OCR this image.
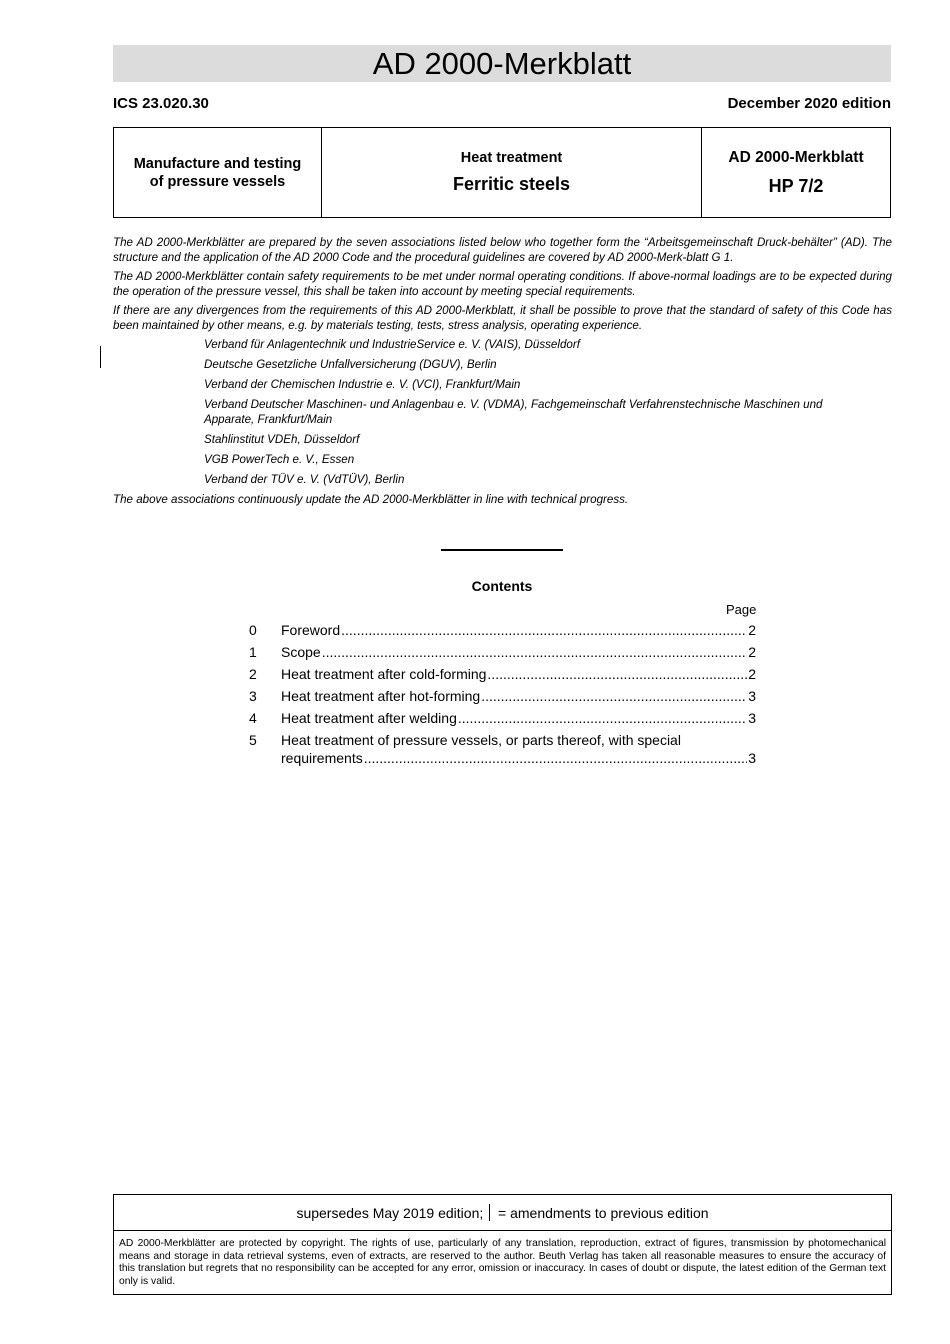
AD 2000-Merkblatt
ICS 23.020.30	December 2020 edition
Manufacture and testing
of pressure vessels
Heat treatment
Ferritic steels
AD 2000-Merkblatt
HP 7/2

The AD 2000-Merkblätter are prepared by the seven associations listed below who together form the “Arbeitsgemeinschaft Druck-behälter” (AD). The structure and the application of the AD 2000 Code and the procedural guidelines are covered by AD 2000-Merk-blatt G 1.

The AD 2000-Merkblätter contain safety requirements to be met under normal operating conditions. If above-normal loadings are to be expected during the operation of the pressure vessel, this shall be taken into account by meeting special requirements.

If there are any divergences from the requirements of this AD 2000-Merkblatt, it shall be possible to prove that the standard of safety of this Code has been maintained by other means, e.g. by materials testing, tests, stress analysis, operating experience.

Verband für Anlagentechnik und IndustrieService e. V. (VAIS), Düsseldorf
Deutsche Gesetzliche Unfallversicherung (DGUV), Berlin
Verband der Chemischen Industrie e. V. (VCI), Frankfurt/Main
Verband Deutscher Maschinen- und Anlagenbau e. V. (VDMA), Fachgemeinschaft Verfahrenstechnische Maschinen und Apparate, Frankfurt/Main
Stahlinstitut VDEh, Düsseldorf
VGB PowerTech e. V., Essen
Verband der TÜV e. V. (VdTÜV), Berlin

The above associations continuously update the AD 2000-Merkblätter in line with technical progress.

Contents
Page
0	Foreword .....	2
1	Scope .....	2
2	Heat treatment after cold-forming .....	2
3	Heat treatment after hot-forming .....	3
4	Heat treatment after welding .....	3
5	Heat treatment of pressure vessels, or parts thereof, with special
requirements .....	3
supersedes May 2019 edition; = amendments to previous edition
AD 2000-Merkblätter are protected by copyright. The rights of use, particularly of any translation, reproduction, extract of figures, transmission by photomechanical means and storage in data retrieval systems, even of extracts, are reserved to the author. Beuth Verlag has taken all reasonable measures to ensure the accuracy of this translation but regrets that no responsibility can be accepted for any error, omission or inaccuracy. In cases of doubt or dispute, the latest edition of the German text only is valid.
